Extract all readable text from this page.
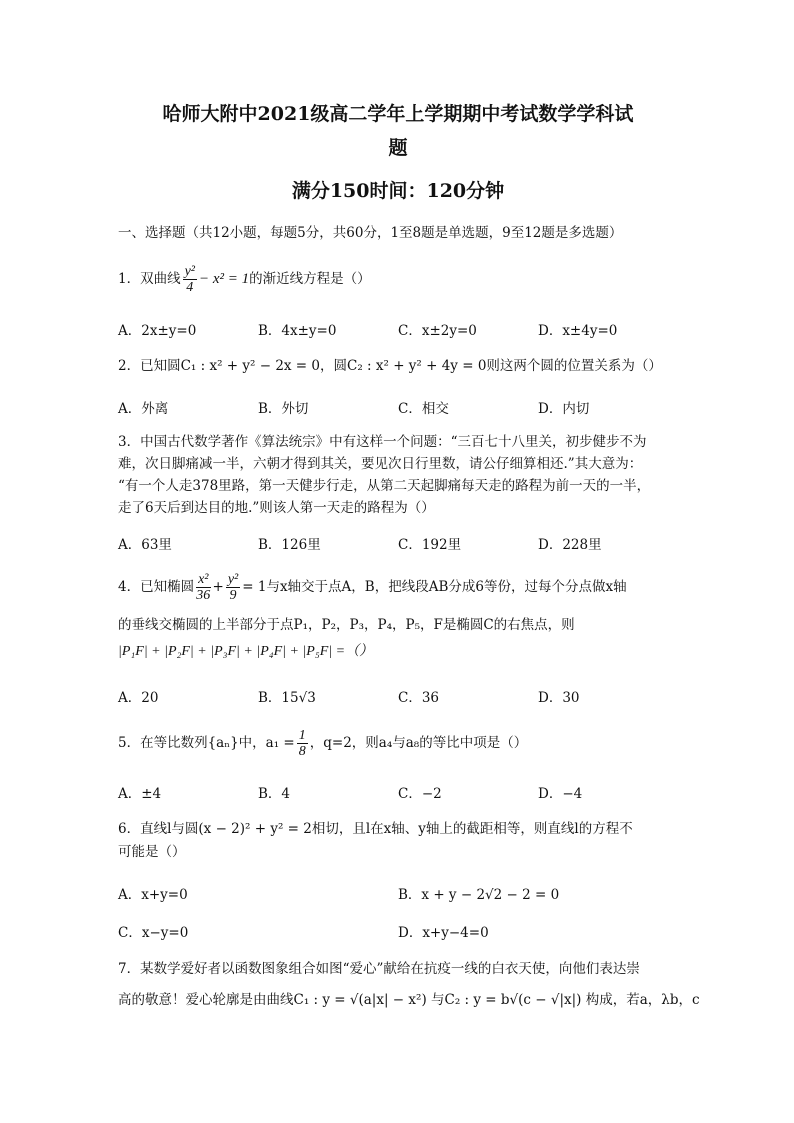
哈师大附中2021级高二学年上学期期中考试数学学科试
题
满分150时间：120分钟
一、选择题（共12小题，每题5分，共60分，1至8题是单选题，9至12题是多选题）
1．双曲线 $\frac{\text{y²}}{4} - x^2 = 1$的渐近线方程是（）
A．2x±y=0	B．4x±y=0	C．x±2y=0	D．x±4y=0
2．已知圆C₁ : x² + y² − 2x = 0，圆C₂ : x² + y² + 4y = 0则这两个圆的位置关系为（）
A．外离	B．外切	C．相交	D．内切
3．中国古代数学著作《算法统宗》中有这样一个问题：“三百七十八里关，初步健步不为
难，次日脚痛减一半，六朝才得到其关，要见次日行里数，请公仔细算相还.”其大意为：
“有一个人走378里路，第一天健步行走，从第二天起脚痛每天走的路程为前一天的一半，
走了6天后到达目的地.”则该人第一天走的路程为（）
A．63里	B．126里	C．192里	D．228里
4．已知椭圆 $\frac{\text{x²}}{36} + \frac{\text{y²}}{9} = 1$与x轴交于点A，B，把线段AB分成6等份，过每个分点做x轴
的垂线交椭圆的上半部分于点P₁，P₂，P₃，P₄，P₅，F是椭圆C的右焦点，则
|P₁F| + |P₂F| + |P₃F| + |P₄F| + |P₅F| =（）
A．20	B．15√3	C．36	D．30
5．在等比数列{aₙ}中，$a_1 = \frac{1}{8}$ ，q=2，则a₄与a₈的等比中项是（）
A．±4	B．4	C．−2	D．−4
6．直线l与圆(x − 2)² + y² = 2相切，且l在x轴、y轴上的截距相等，则直线l的方程不
可能是（）
A．x+y=0	B．x + y − 2√2 − 2 = 0
C．x−y=0	D．x+y−4=0
7．某数学爱好者以函数图象组合如图“爱心”献给在抗疫一线的白衣天使，向他们表达崇
高的敬意！爱心轮廓是由曲线C₁ : y = √(a|x| − x²) 与C₂ : y = b√(c − √|x|) 构成，若a，λb，c
